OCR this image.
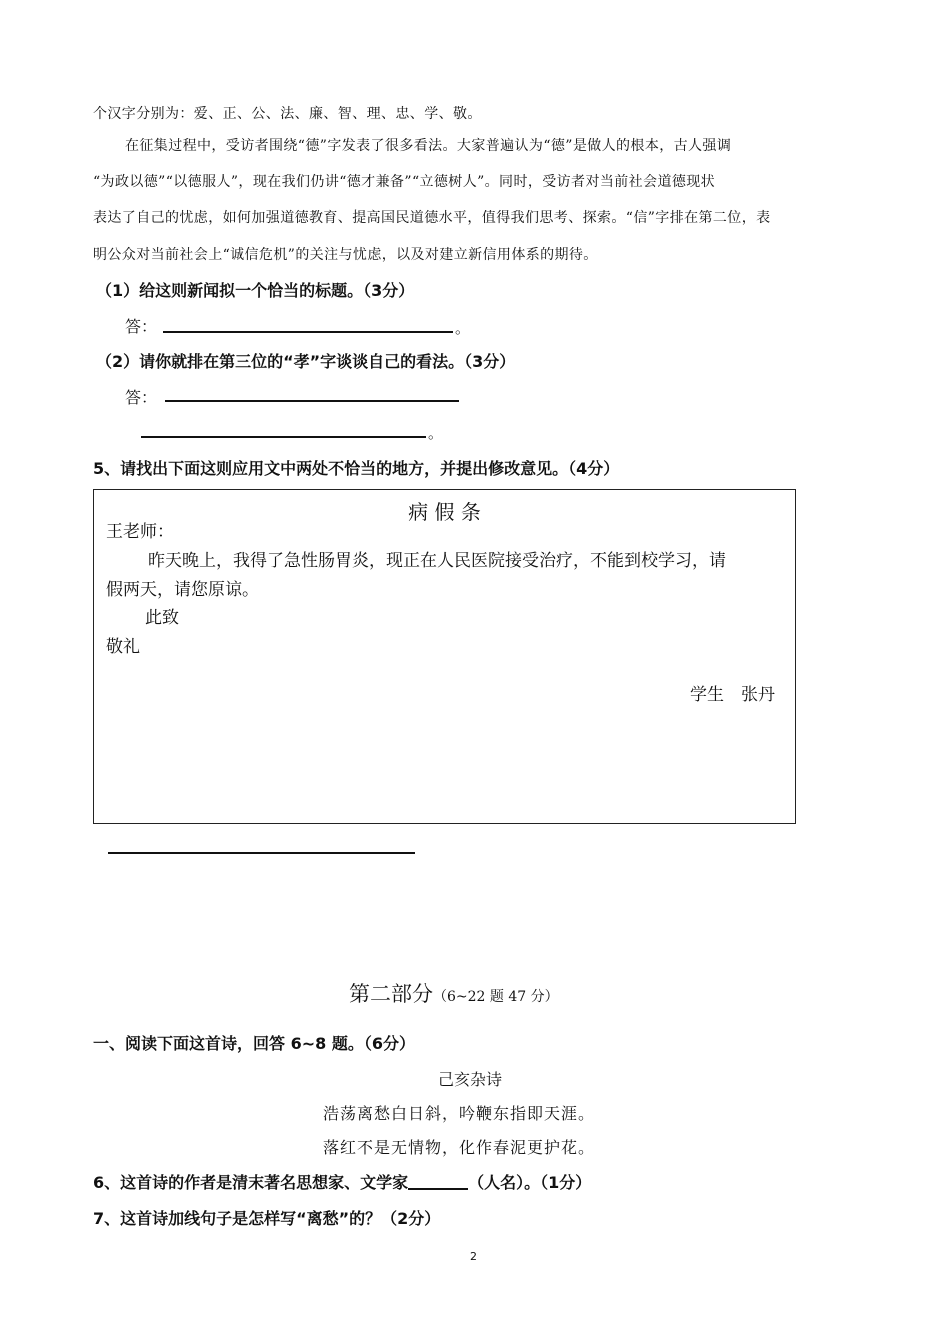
个汉字分别为：爱、正、公、法、廉、智、理、忠、学、敬。
在征集过程中，受访者围绕“德”字发表了很多看法。大家普遍认为“德”是做人的根本，古人强调
“为政以德”“以德服人”，现在我们仍讲“德才兼备”“立德树人”。同时，受访者对当前社会道德现状
表达了自己的忧虑，如何加强道德教育、提高国民道德水平，值得我们思考、探索。“信”字排在第二位，表
明公众对当前社会上“诚信危机”的关注与忧虑，以及对建立新信用体系的期待。
（1）给这则新闻拟一个恰当的标题。（3分）
答：	。
（2）请你就排在第三位的“孝”字谈谈自己的看法。（3分）
答：
。
5、请找出下面这则应用文中两处不恰当的地方，并提出修改意见。（4分）
病 假 条
王老师：
昨天晚上，我得了急性肠胃炎，现正在人民医院接受治疗，不能到校学习，请
假两天，请您原谅。
此致
敬礼
学生　张丹
第二部分（6~22 题 47 分）
一、阅读下面这首诗，回答 6~8 题。（6分）
己亥杂诗
浩荡离愁白日斜，吟鞭东指即天涯。
落红不是无情物，化作春泥更护花。
6、这首诗的作者是清末著名思想家、文学家	（人名）。（1分）
7、这首诗加线句子是怎样写“离愁”的？（2分）
2
